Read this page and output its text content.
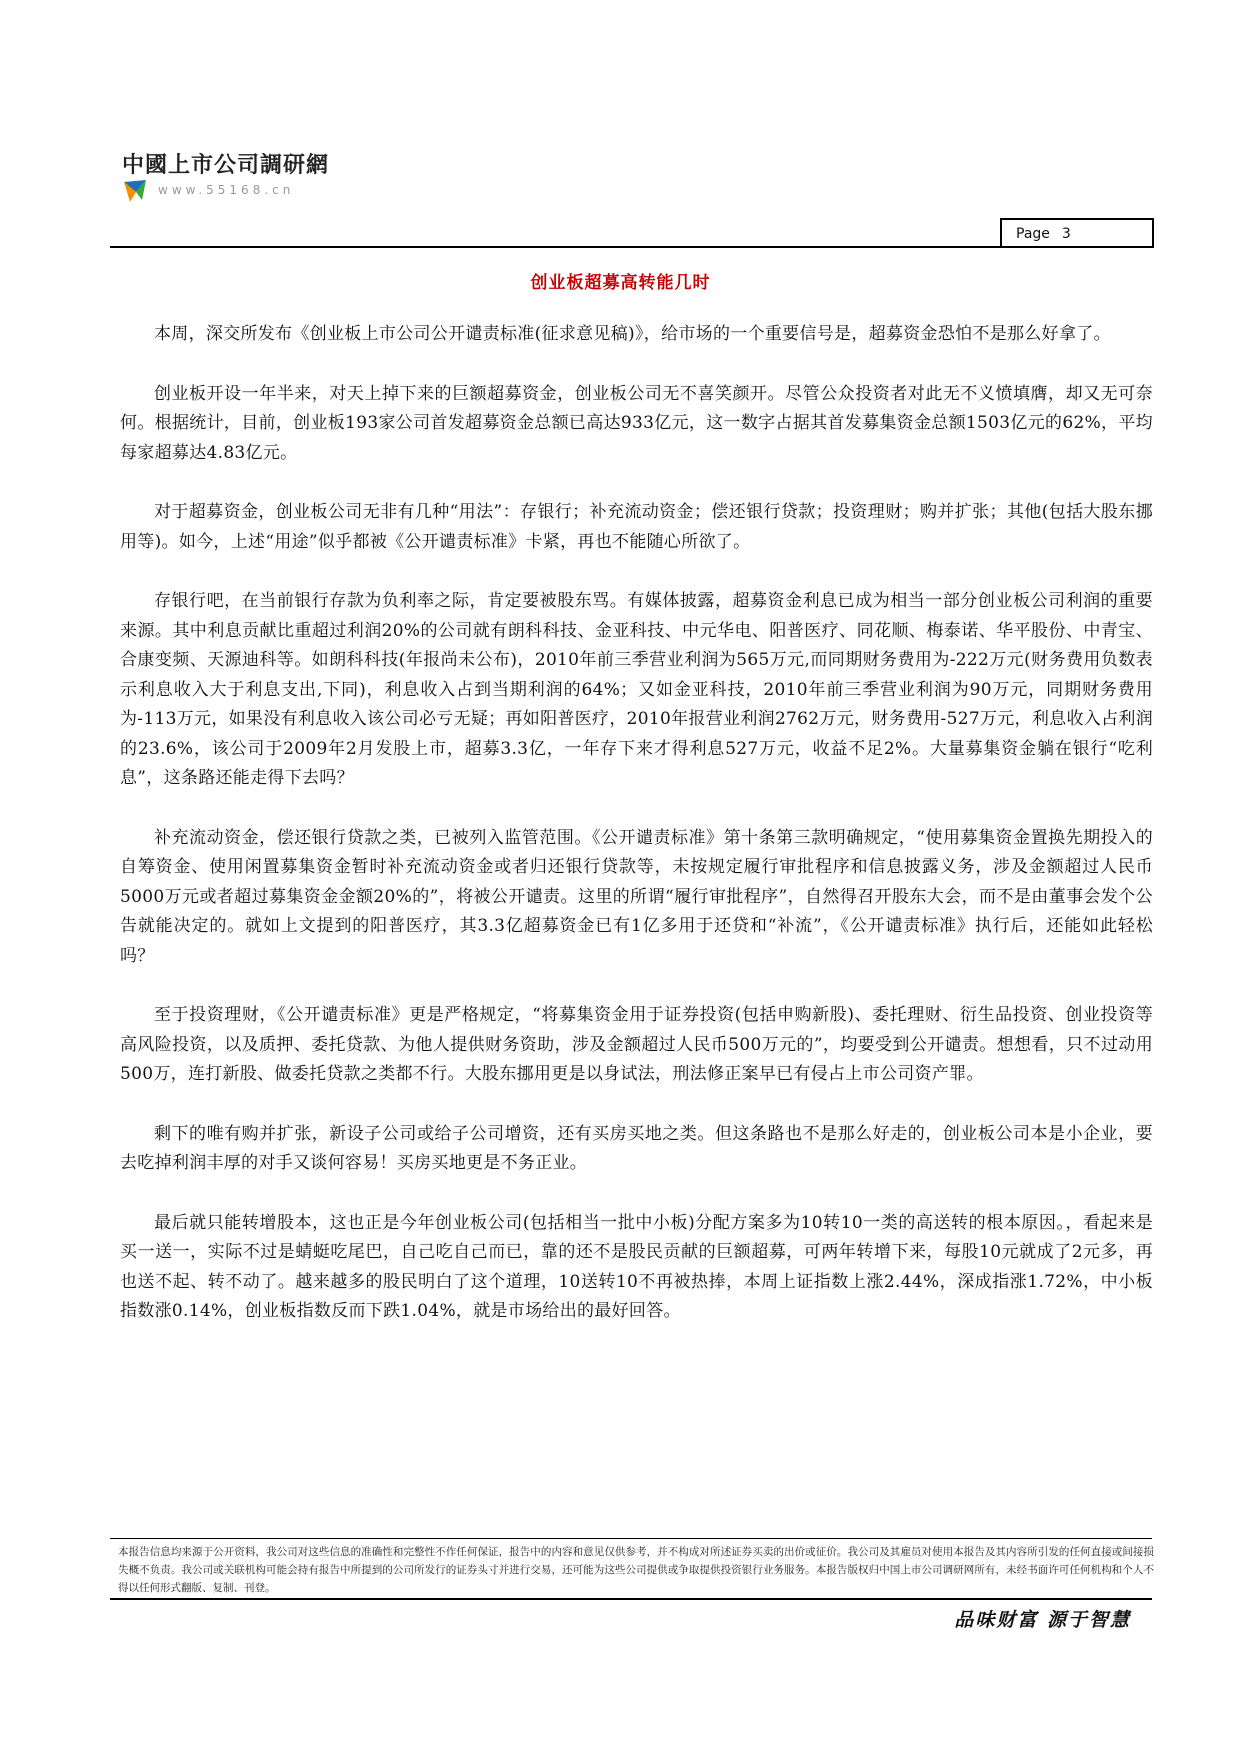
中國上市公司調研網
www.55168.cn
Page 3
创业板超募高转能几时

本周，深交所发布《创业板上市公司公开谴责标准(征求意见稿)》，给市场的一个重要信号是，超募资金恐怕不是那么好拿了。

创业板开设一年半来，对天上掉下来的巨额超募资金，创业板公司无不喜笑颜开。尽管公众投资者对此无不义愤填膺，却又无可奈何。根据统计，目前，创业板193家公司首发超募资金总额已高达933亿元，这一数字占据其首发募集资金总额1503亿元的62%，平均每家超募达4.83亿元。

对于超募资金，创业板公司无非有几种“用法”：存银行；补充流动资金；偿还银行贷款；投资理财；购并扩张；其他(包括大股东挪用等)。如今，上述“用途”似乎都被《公开谴责标准》卡紧，再也不能随心所欲了。

存银行吧，在当前银行存款为负利率之际，肯定要被股东骂。有媒体披露，超募资金利息已成为相当一部分创业板公司利润的重要来源。其中利息贡献比重超过利润20%的公司就有朗科科技、金亚科技、中元华电、阳普医疗、同花顺、梅泰诺、华平股份、中青宝、合康变频、天源迪科等。如朗科科技(年报尚未公布)，2010年前三季营业利润为565万元,而同期财务费用为-222万元(财务费用负数表示利息收入大于利息支出,下同)，利息收入占到当期利润的64%；又如金亚科技，2010年前三季营业利润为90万元，同期财务费用为-113万元，如果没有利息收入该公司必亏无疑；再如阳普医疗，2010年报营业利润2762万元，财务费用-527万元，利息收入占利润的23.6%，该公司于2009年2月发股上市，超募3.3亿，一年存下来才得利息527万元，收益不足2%。大量募集资金躺在银行“吃利息”，这条路还能走得下去吗？

补充流动资金，偿还银行贷款之类，已被列入监管范围。《公开谴责标准》第十条第三款明确规定，“使用募集资金置换先期投入的自筹资金、使用闲置募集资金暂时补充流动资金或者归还银行贷款等，未按规定履行审批程序和信息披露义务，涉及金额超过人民币5000万元或者超过募集资金金额20%的”，将被公开谴责。这里的所谓“履行审批程序”，自然得召开股东大会，而不是由董事会发个公告就能决定的。就如上文提到的阳普医疗，其3.3亿超募资金已有1亿多用于还贷和“补流”，《公开谴责标准》执行后，还能如此轻松吗？

至于投资理财，《公开谴责标准》更是严格规定，“将募集资金用于证券投资(包括申购新股)、委托理财、衍生品投资、创业投资等高风险投资，以及质押、委托贷款、为他人提供财务资助，涉及金额超过人民币500万元的”，均要受到公开谴责。想想看，只不过动用500万，连打新股、做委托贷款之类都不行。大股东挪用更是以身试法，刑法修正案早已有侵占上市公司资产罪。

剩下的唯有购并扩张，新设子公司或给子公司增资，还有买房买地之类。但这条路也不是那么好走的，创业板公司本是小企业，要去吃掉利润丰厚的对手又谈何容易！买房买地更是不务正业。

最后就只能转增股本，这也正是今年创业板公司(包括相当一批中小板)分配方案多为10转10一类的高送转的根本原因。，看起来是买一送一，实际不过是蜻蜓吃尾巴，自己吃自己而已，靠的还不是股民贡献的巨额超募，可两年转增下来，每股10元就成了2元多，再也送不起、转不动了。越来越多的股民明白了这个道理，10送转10不再被热捧，本周上证指数上涨2.44%，深成指涨1.72%，中小板指数涨0.14%，创业板指数反而下跌1.04%，就是市场给出的最好回答。

本报告信息均来源于公开资料，我公司对这些信息的准确性和完整性不作任何保证，报告中的内容和意见仅供参考，并不构成对所述证券买卖的出价或征价。我公司及其雇员对使用本报告及其内容所引发的任何直接或间接损失概不负责。我公司或关联机构可能会持有报告中所提到的公司所发行的证券头寸并进行交易，还可能为这些公司提供或争取提供投资银行业务服务。本报告版权归中国上市公司调研网所有，未经书面许可任何机构和个人不得以任何形式翻版、复制、刊登。
品味财富 源于智慧
